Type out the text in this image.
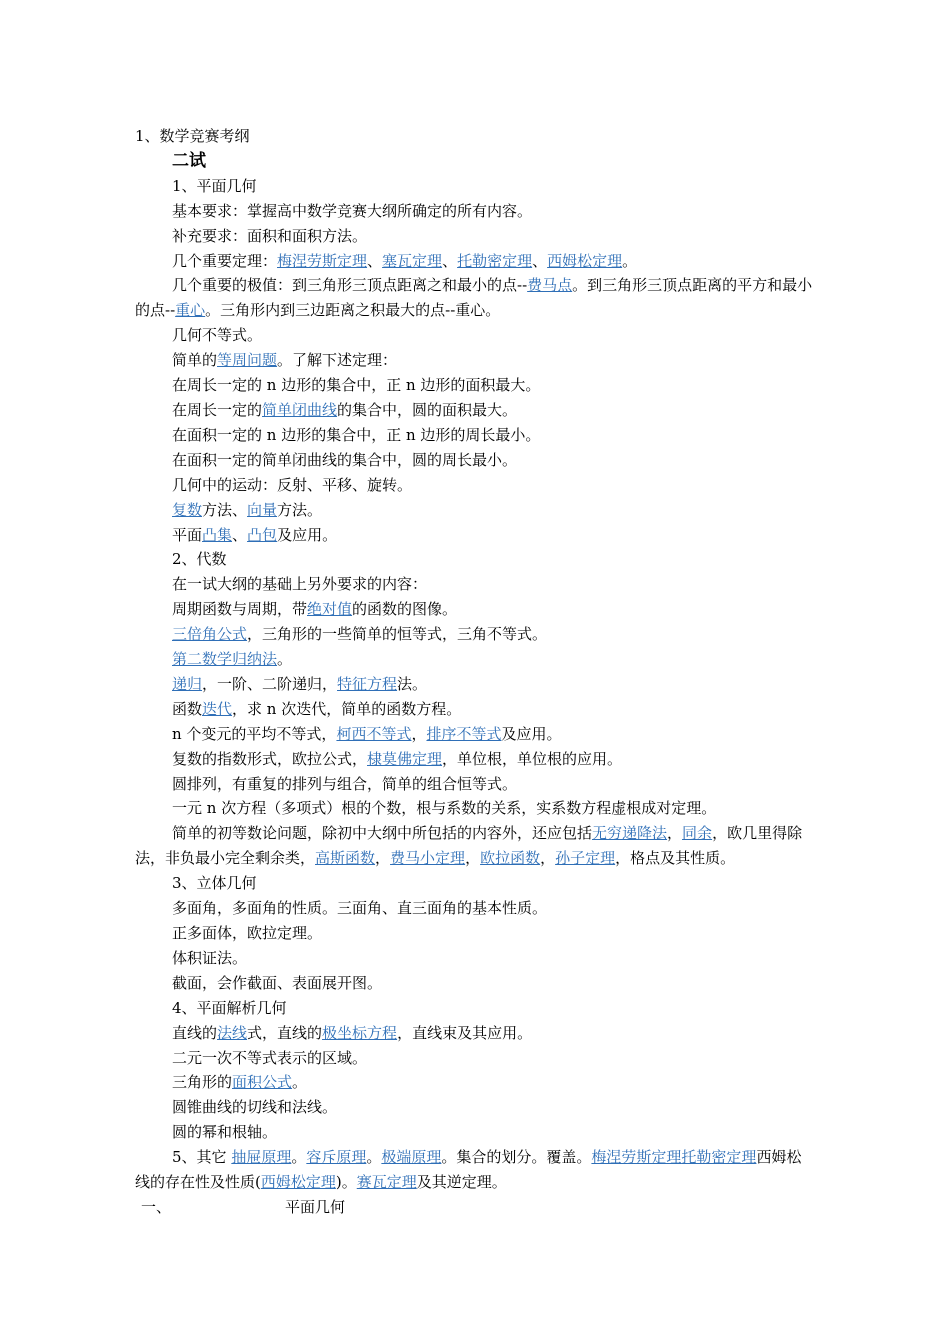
1、数学竞赛考纲
二试
1、平面几何
基本要求：掌握高中数学竞赛大纲所确定的所有内容。
补充要求：面积和面积方法。
几个重要定理：梅涅劳斯定理、塞瓦定理、托勒密定理、西姆松定理。
几个重要的极值：到三角形三顶点距离之和最小的点--费马点。到三角形三顶点距离的平方和最小的点--重心。三角形内到三边距离之积最大的点--重心。
几何不等式。
简单的等周问题。了解下述定理：
在周长一定的 n 边形的集合中，正 n 边形的面积最大。
在周长一定的简单闭曲线的集合中，圆的面积最大。
在面积一定的 n 边形的集合中，正 n 边形的周长最小。
在面积一定的简单闭曲线的集合中，圆的周长最小。
几何中的运动：反射、平移、旋转。
复数方法、向量方法。
平面凸集、凸包及应用。
2、代数
在一试大纲的基础上另外要求的内容：
周期函数与周期，带绝对值的函数的图像。
三倍角公式，三角形的一些简单的恒等式，三角不等式。
第二数学归纳法。
递归，一阶、二阶递归，特征方程法。
函数迭代，求 n 次迭代，简单的函数方程。
n 个变元的平均不等式，柯西不等式，排序不等式及应用。
复数的指数形式，欧拉公式，棣莫佛定理，单位根，单位根的应用。
圆排列，有重复的排列与组合，简单的组合恒等式。
一元 n 次方程（多项式）根的个数，根与系数的关系，实系数方程虚根成对定理。
简单的初等数论问题，除初中大纲中所包括的内容外，还应包括无穷递降法，同余，欧几里得除法，非负最小完全剩余类，高斯函数，费马小定理，欧拉函数，孙子定理，格点及其性质。
3、立体几何
多面角，多面角的性质。三面角、直三面角的基本性质。
正多面体，欧拉定理。
体积证法。
截面，会作截面、表面展开图。
4、平面解析几何
直线的法线式，直线的极坐标方程，直线束及其应用。
二元一次不等式表示的区域。
三角形的面积公式。
圆锥曲线的切线和法线。
圆的幂和根轴。
5、其它 抽屉原理。容斥原理。极端原理。集合的划分。覆盖。梅涅劳斯定理托勒密定理西姆松线的存在性及性质(西姆松定理)。赛瓦定理及其逆定理。
一、	平面几何
